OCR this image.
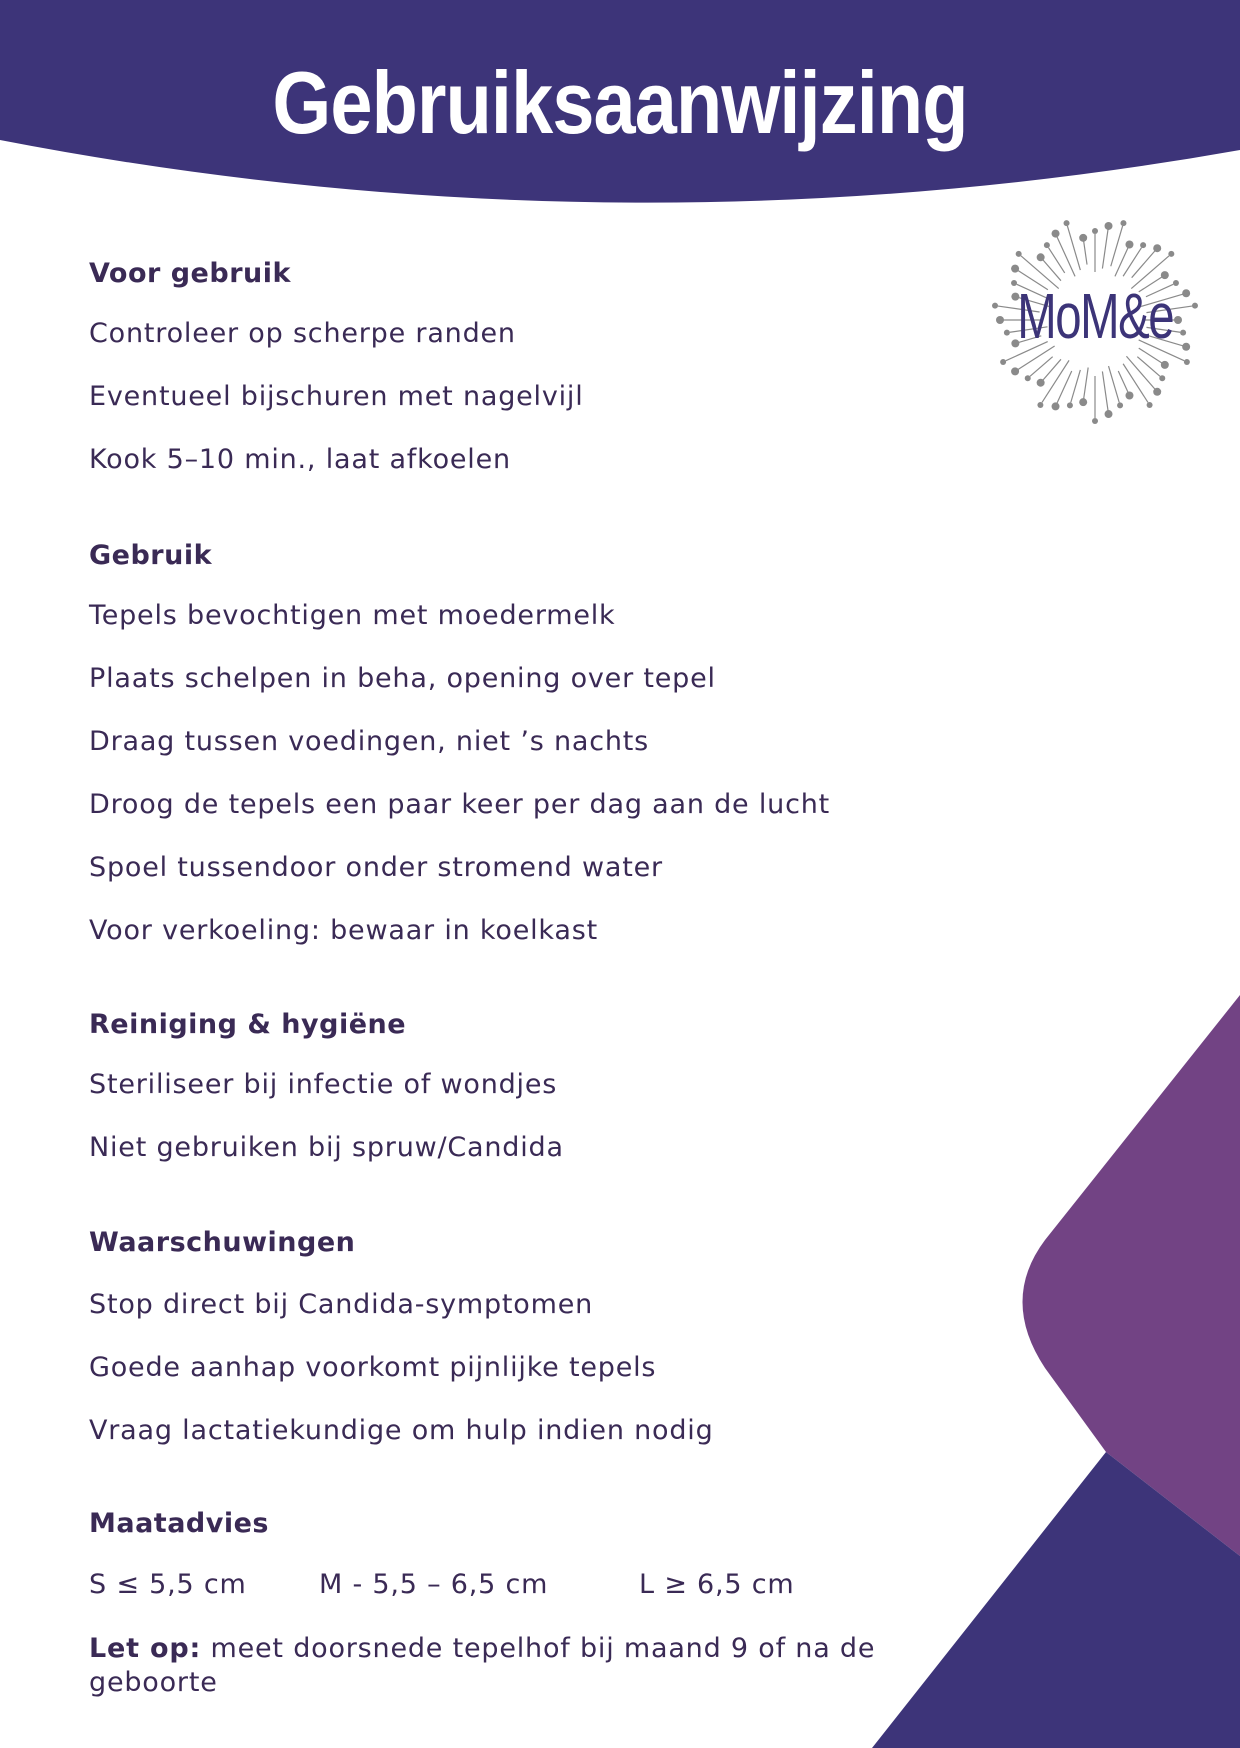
Gebruiksaanwijzing
MoM&e
Voor gebruik
Controleer op scherpe randen
Eventueel bijschuren met nagelvijl
Kook 5–10 min., laat afkoelen
Gebruik
Tepels bevochtigen met moedermelk
Plaats schelpen in beha, opening over tepel
Draag tussen voedingen, niet ’s nachts
Droog de tepels een paar keer per dag aan de lucht
Spoel tussendoor onder stromend water
Voor verkoeling: bewaar in koelkast
Reiniging & hygiëne
Steriliseer bij infectie of wondjes
Niet gebruiken bij spruw/Candida
Waarschuwingen
Stop direct bij Candida-symptomen
Goede aanhap voorkomt pijnlijke tepels
Vraag lactatiekundige om hulp indien nodig
Maatadvies
S ≤ 5,5 cm	M - 5,5 – 6,5 cm	L ≥ 6,5 cm
Let op: meet doorsnede tepelhof bij maand 9 of na de geboorte
